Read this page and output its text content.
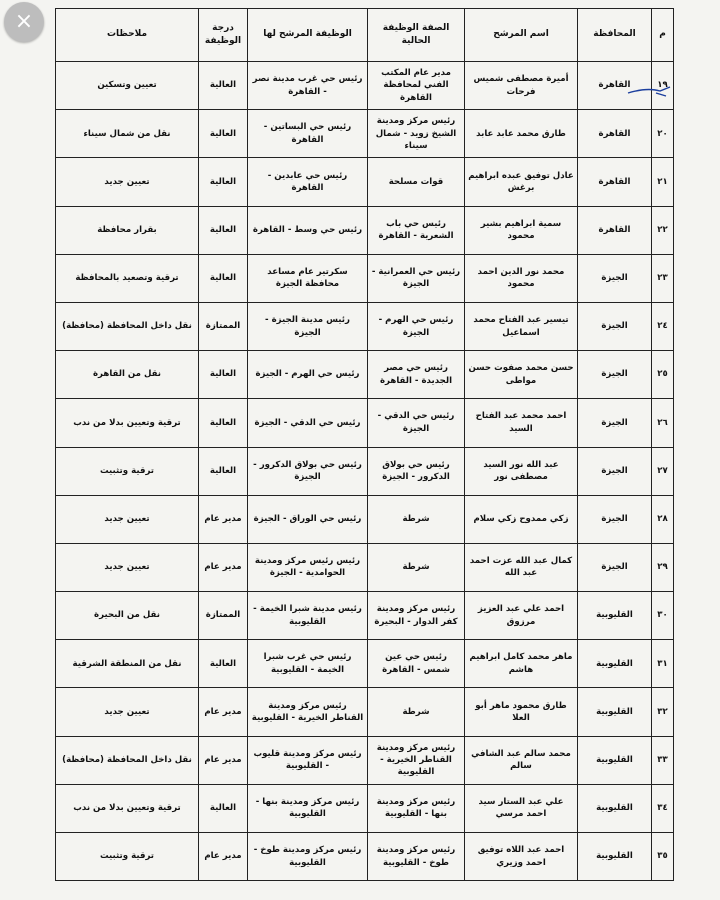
م	المحافظة	اسم المرشح	الصفة الوظيفة الحالية	الوظيفة المرشح لها	درجة الوظيفة	ملاحظات
١٩	القاهرة	أميرة مصطفى شميس فرحات	مدير عام المكتب الفني لمحافظة القاهرة	رئيس حي غرب مدينة نصر - القاهرة	العالية	تعيين وتسكين
٢٠	القاهرة	طارق محمد عابد عابد	رئيس مركز ومدينة الشيخ زويد - شمال سيناء	رئيس حي البساتين - القاهرة	العالية	نقل من شمال سيناء
٢١	القاهرة	عادل توفيق عبده ابراهيم برغش	قوات مسلحة	رئيس حي عابدين - القاهرة	العالية	تعيين جديد
٢٢	القاهرة	سمية ابراهيم بشير محمود	رئيس حي باب الشعرية - القاهرة	رئيس حي وسط - القاهرة	العالية	بقرار محافظة
٢٣	الجيزة	محمد نور الدين احمد محمود	رئيس حي العمرانية - الجيزة	سكرتير عام مساعد محافظة الجيزة	العالية	ترقية وتصعيد بالمحافظة
٢٤	الجيزة	تيسير عبد الفتاح محمد اسماعيل	رئيس حي الهرم - الجيزة	رئيس مدينة الجيزة - الجيزة	الممتازة	نقل داخل المحافظة (محافظة)
٢٥	الجيزة	حسن محمد صفوت حسن مواطى	رئيس حي مصر الجديدة - القاهرة	رئيس حي الهرم - الجيزة	العالية	نقل من القاهرة
٢٦	الجيزة	احمد محمد عبد الفتاح السيد	رئيس حي الدقي - الجيزة	رئيس حي الدقي - الجيزة	العالية	ترقية وتعيين بدلا من ندب
٢٧	الجيزة	عبد الله نور السيد مصطفى نور	رئيس حي بولاق الدكرور - الجيزة	رئيس حي بولاق الدكرور - الجيزة	العالية	ترقية وتثبيت
٢٨	الجيزة	زكي ممدوح زكي سلام	شرطة	رئيس حي الوراق - الجيزة	مدير عام	تعيين جديد
٢٩	الجيزة	كمال عبد الله عزت احمد عبد الله	شرطة	رئيس رئيس مركز ومدينة الحوامدية - الجيزة	مدير عام	تعيين جديد
٣٠	القليوبية	احمد علي عبد العزيز مرزوق	رئيس مركز ومدينة كفر الدوار - البحيرة	رئيس مدينة شبرا الخيمة - القليوبية	الممتازة	نقل من البحيرة
٣١	القليوبية	ماهر محمد كامل ابراهيم هاشم	رئيس حي عين شمس - القاهرة	رئيس حي غرب شبرا الخيمة - القليوبية	العالية	نقل من المنطقة الشرقية
٣٢	القليوبية	طارق محمود ماهر أبو العلا	شرطة	رئيس مركز ومدينة القناطر الخيرية - القليوبية	مدير عام	تعيين جديد
٣٣	القليوبية	محمد سالم عبد الشافي سالم	رئيس مركز ومدينة القناطر الخيرية - القليوبية	رئيس مركز ومدينة قليوب - القليوبية	مدير عام	نقل داخل المحافظة (محافظة)
٣٤	القليوبية	علي عبد الستار سيد احمد مرسي	رئيس مركز ومدينة بنها - القليوبية	رئيس مركز ومدينة بنها - القليوبية	العالية	ترقية وتعيين بدلا من ندب
٣٥	القليوبية	احمد عبد اللاه توفيق احمد وزيري	رئيس مركز ومدينة طوخ - القليوبية	رئيس مركز ومدينة طوخ - القليوبية	مدير عام	ترقية وتثبيت
×
